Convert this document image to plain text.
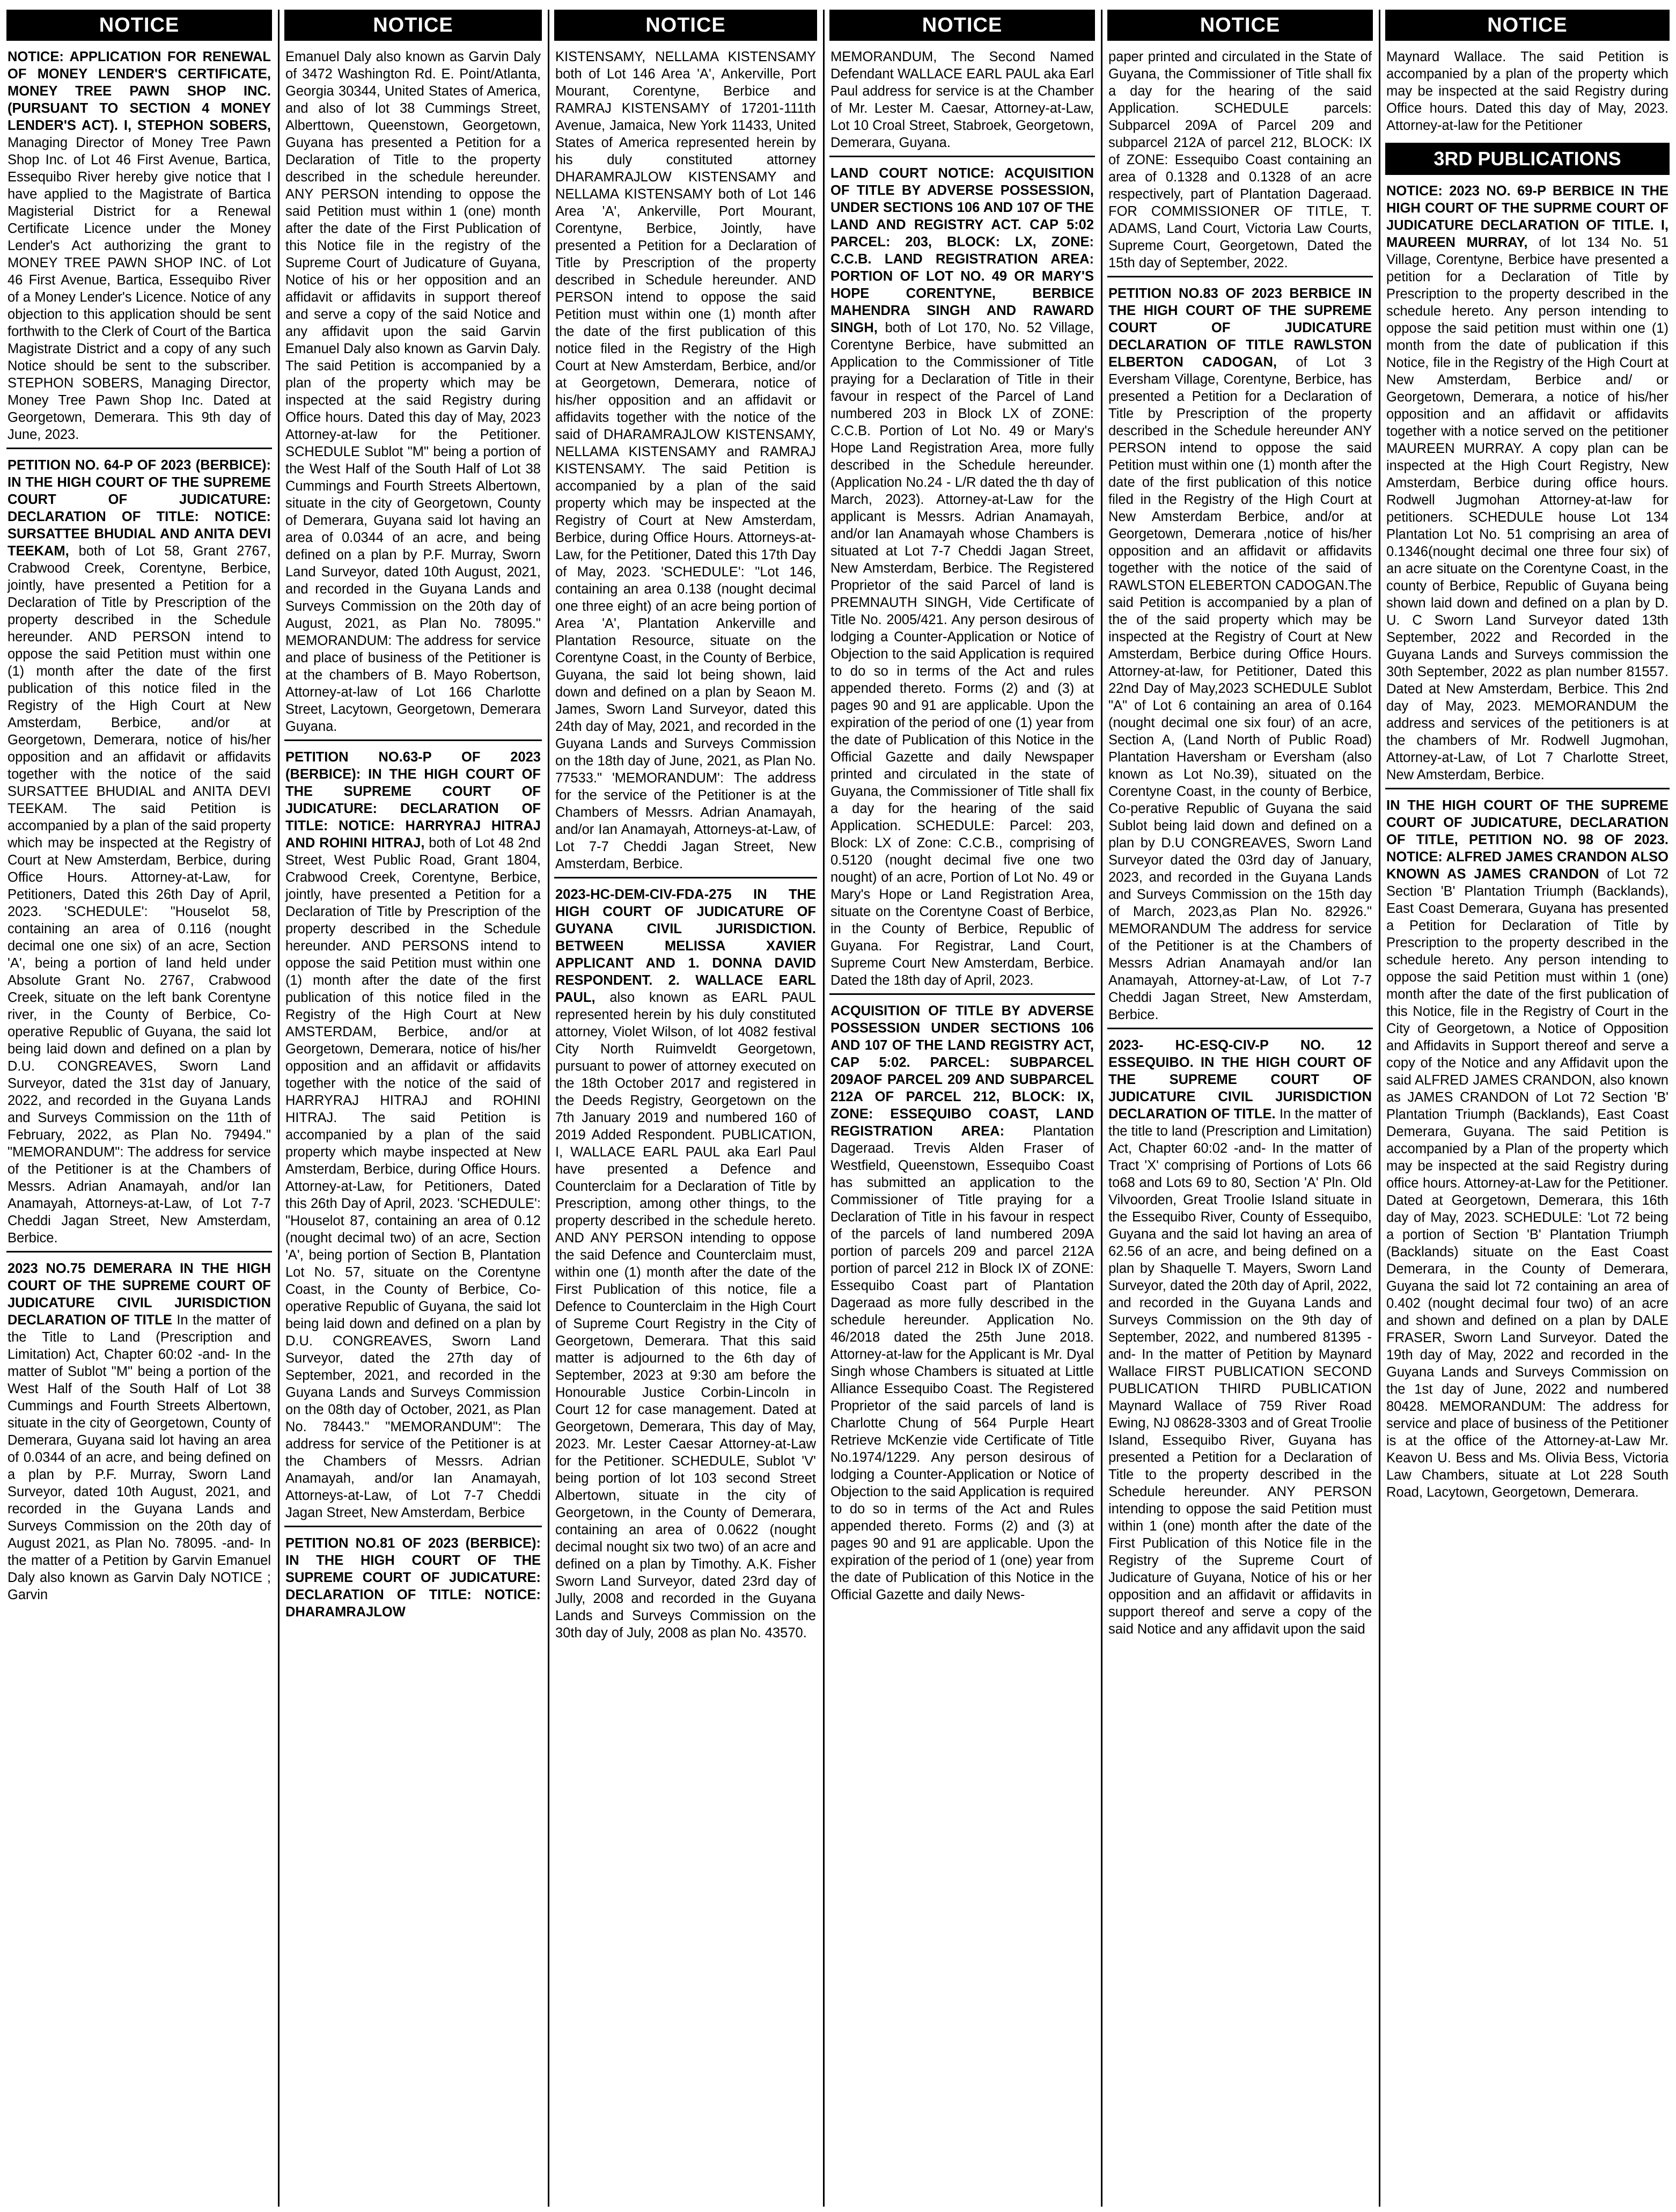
NOTICE

NOTICE: APPLICATION FOR RENEWAL OF MONEY LENDER'S CERTIFICATE, MONEY TREE PAWN SHOP INC. (PURSUANT TO SECTION 4 MONEY LENDER'S ACT). I, STEPHON SOBERS, Managing Director of Money Tree Pawn Shop Inc. of Lot 46 First Avenue, Bartica, Essequibo River hereby give notice that I have applied to the Magistrate of Bartica Magisterial District for a Renewal Certificate Licence under the Money Lender's Act authorizing the grant to MONEY TREE PAWN SHOP INC. of Lot 46 First Avenue, Bartica, Essequibo River of a Money Lender's Licence. Notice of any objection to this application should be sent forthwith to the Clerk of Court of the Bartica Magistrate District and a copy of any such Notice should be sent to the subscriber. STEPHON SOBERS, Managing Director, Money Tree Pawn Shop Inc. Dated at Georgetown, Demerara. This 9th day of June, 2023.

PETITION NO. 64-P OF 2023 (BERBICE): IN THE HIGH COURT OF THE SUPREME COURT OF JUDICATURE: DECLARATION OF TITLE: NOTICE: SURSATTEE BHUDIAL AND ANITA DEVI TEEKAM, both of Lot 58, Grant 2767, Crabwood Creek, Corentyne, Berbice, jointly, have presented a Petition for a Declaration of Title by Prescription of the property described in the Schedule hereunder. AND PERSON intend to oppose the said Petition must within one (1) month after the date of the first publication of this notice filed in the Registry of the High Court at New Amsterdam, Berbice, and/or at Georgetown, Demerara, notice of his/her opposition and an affidavit or affidavits together with the notice of the said SURSATTEE BHUDIAL and ANITA DEVI TEEKAM. The said Petition is accompanied by a plan of the said property which may be inspected at the Registry of Court at New Amsterdam, Berbice, during Office Hours. Attorney-at-Law, for Petitioners, Dated this 26th Day of April, 2023. 'SCHEDULE': "Houselot 58, containing an area of 0.116 (nought decimal one one six) of an acre, Section 'A', being a portion of land held under Absolute Grant No. 2767, Crabwood Creek, situate on the left bank Corentyne river, in the County of Berbice, Co-operative Republic of Guyana, the said lot being laid down and defined on a plan by D.U. CONGREAVES, Sworn Land Surveyor, dated the 31st day of January, 2022, and recorded in the Guyana Lands and Surveys Commission on the 11th of February, 2022, as Plan No. 79494." "MEMORANDUM": The address for service of the Petitioner is at the Chambers of Messrs. Adrian Anamayah, and/or Ian Anamayah, Attorneys-at-Law, of Lot 7-7 Cheddi Jagan Street, New Amsterdam, Berbice.

2023 NO.75 DEMERARA IN THE HIGH COURT OF THE SUPREME COURT OF JUDICATURE CIVIL JURISDICTION DECLARATION OF TITLE In the matter of the Title to Land (Prescription and Limitation) Act, Chapter 60:02 -and- In the matter of Sublot "M" being a portion of the West Half of the South Half of Lot 38 Cummings and Fourth Streets Albertown, situate in the city of Georgetown, County of Demerara, Guyana said lot having an area of 0.0344 of an acre, and being defined on a plan by P.F. Murray, Sworn Land Surveyor, dated 10th August, 2021, and recorded in the Guyana Lands and Surveys Commission on the 20th day of August 2021, as Plan No. 78095. -and- In the matter of a Petition by Garvin Emanuel Daly also known as Garvin Daly NOTICE ; Garvin

NOTICE

Emanuel Daly also known as Garvin Daly of 3472 Washington Rd. E. Point/Atlanta, Georgia 30344, United States of America, and also of lot 38 Cummings Street, Alberttown, Queenstown, Georgetown, Guyana has presented a Petition for a Declaration of Title to the property described in the schedule hereunder. ANY PERSON intending to oppose the said Petition must within 1 (one) month after the date of the First Publication of this Notice file in the registry of the Supreme Court of Judicature of Guyana, Notice of his or her opposition and an affidavit or affidavits in support thereof and serve a copy of the said Notice and any affidavit upon the said Garvin Emanuel Daly also known as Garvin Daly. The said Petition is accompanied by a plan of the property which may be inspected at the said Registry during Office hours. Dated this day of May, 2023 Attorney-at-law for the Petitioner. SCHEDULE Sublot "M" being a portion of the West Half of the South Half of Lot 38 Cummings and Fourth Streets Albertown, situate in the city of Georgetown, County of Demerara, Guyana said lot having an area of 0.0344 of an acre, and being defined on a plan by P.F. Murray, Sworn Land Surveyor, dated 10th August, 2021, and recorded in the Guyana Lands and Surveys Commission on the 20th day of August, 2021, as Plan No. 78095." MEMORANDUM: The address for service and place of business of the Petitioner is at the chambers of B. Mayo Robertson, Attorney-at-law of Lot 166 Charlotte Street, Lacytown, Georgetown, Demerara Guyana.

PETITION NO.63-P OF 2023 (BERBICE): IN THE HIGH COURT OF THE SUPREME COURT OF JUDICATURE: DECLARATION OF TITLE: NOTICE: HARRYRAJ HITRAJ AND ROHINI HITRAJ, both of Lot 48 2nd Street, West Public Road, Grant 1804, Crabwood Creek, Corentyne, Berbice, jointly, have presented a Petition for a Declaration of Title by Prescription of the property described in the Schedule hereunder. AND PERSONS intend to oppose the said Petition must within one (1) month after the date of the first publication of this notice filed in the Registry of the High Court at New AMSTERDAM, Berbice, and/or at Georgetown, Demerara, notice of his/her opposition and an affidavit or affidavits together with the notice of the said of HARRYRAJ HITRAJ and ROHINI HITRAJ. The said Petition is accompanied by a plan of the said property which maybe inspected at New Amsterdam, Berbice, during Office Hours. Attorney-at-Law, for Petitioners, Dated this 26th Day of April, 2023. 'SCHEDULE': "Houselot 87, containing an area of 0.12 (nought decimal two) of an acre, Section 'A', being portion of Section B, Plantation Lot No. 57, situate on the Corentyne Coast, in the County of Berbice, Co-operative Republic of Guyana, the said lot being laid down and defined on a plan by D.U. CONGREAVES, Sworn Land Surveyor, dated the 27th day of September, 2021, and recorded in the Guyana Lands and Surveys Commission on the 08th day of October, 2021, as Plan No. 78443." "MEMORANDUM": The address for service of the Petitioner is at the Chambers of Messrs. Adrian Anamayah, and/or Ian Anamayah, Attorneys-at-Law, of Lot 7-7 Cheddi Jagan Street, New Amsterdam, Berbice

PETITION NO.81 OF 2023 (BERBICE): IN THE HIGH COURT OF THE SUPREME COURT OF JUDICATURE: DECLARATION OF TITLE: NOTICE: DHARAMRAJLOW

NOTICE

KISTENSAMY, NELLAMA KISTENSAMY both of Lot 146 Area 'A', Ankerville, Port Mourant, Corentyne, Berbice and RAMRAJ KISTENSAMY of 17201-111th Avenue, Jamaica, New York 11433, United States of America represented herein by his duly constituted attorney DHARAMRAJLOW KISTENSAMY and NELLAMA KISTENSAMY both of Lot 146 Area 'A', Ankerville, Port Mourant, Corentyne, Berbice, Jointly, have presented a Petition for a Declaration of Title by Prescription of the property described in Schedule hereunder. AND PERSON intend to oppose the said Petition must within one (1) month after the date of the first publication of this notice filed in the Registry of the High Court at New Amsterdam, Berbice, and/or at Georgetown, Demerara, notice of his/her opposition and an affidavit or affidavits together with the notice of the said of DHARAMRAJLOW KISTENSAMY, NELLAMA KISTENSAMY and RAMRAJ KISTENSAMY. The said Petition is accompanied by a plan of the said property which may be inspected at the Registry of Court at New Amsterdam, Berbice, during Office Hours. Attorneys-at-Law, for the Petitioner, Dated this 17th Day of May, 2023. 'SCHEDULE': "Lot 146, containing an area 0.138 (nought decimal one three eight) of an acre being portion of Area 'A', Plantation Ankerville and Plantation Resource, situate on the Corentyne Coast, in the County of Berbice, Guyana, the said lot being shown, laid down and defined on a plan by Seaon M. James, Sworn Land Surveyor, dated this 24th day of May, 2021, and recorded in the Guyana Lands and Surveys Commission on the 18th day of June, 2021, as Plan No. 77533." 'MEMORANDUM': The address for the service of the Petitioner is at the Chambers of Messrs. Adrian Anamayah, and/or Ian Anamayah, Attorneys-at-Law, of Lot 7-7 Cheddi Jagan Street, New Amsterdam, Berbice.

2023-HC-DEM-CIV-FDA-275 IN THE HIGH COURT OF JUDICATURE OF GUYANA CIVIL JURISDICTION. BETWEEN MELISSA XAVIER APPLICANT AND 1. DONNA DAVID RESPONDENT. 2. WALLACE EARL PAUL, also known as EARL PAUL represented herein by his duly constituted attorney, Violet Wilson, of lot 4082 festival City North Ruimveldt Georgetown, pursuant to power of attorney executed on the 18th October 2017 and registered in the Deeds Registry, Georgetown on the 7th January 2019 and numbered 160 of 2019 Added Respondent. PUBLICATION, I, WALLACE EARL PAUL aka Earl Paul have presented a Defence and Counterclaim for a Declaration of Title by Prescription, among other things, to the property described in the schedule hereto. AND ANY PERSON intending to oppose the said Defence and Counterclaim must, within one (1) month after the date of the First Publication of this notice, file a Defence to Counterclaim in the High Court of Supreme Court Registry in the City of Georgetown, Demerara. That this said matter is adjourned to the 6th day of September, 2023 at 9:30 am before the Honourable Justice Corbin-Lincoln in Court 12 for case management. Dated at Georgetown, Demerara, This day of May, 2023. Mr. Lester Caesar Attorney-at-Law for the Petitioner. SCHEDULE, Sublot 'V' being portion of lot 103 second Street Albertown, situate in the city of Georgetown, in the County of Demerara, containing an area of 0.0622 (nought decimal nought six two two) of an acre and defined on a plan by Timothy. A.K. Fisher Sworn Land Surveyor, dated 23rd day of Jully, 2008 and recorded in the Guyana Lands and Surveys Commission on the 30th day of July, 2008 as plan No. 43570.

NOTICE

MEMORANDUM, The Second Named Defendant WALLACE EARL PAUL aka Earl Paul address for service is at the Chamber of Mr. Lester M. Caesar, Attorney-at-Law, Lot 10 Croal Street, Stabroek, Georgetown, Demerara, Guyana.

LAND COURT NOTICE: ACQUISITION OF TITLE BY ADVERSE POSSESSION, UNDER SECTIONS 106 AND 107 OF THE LAND AND REGISTRY ACT. CAP 5:02 PARCEL: 203, BLOCK: LX, ZONE: C.C.B. LAND REGISTRATION AREA: PORTION OF LOT NO. 49 OR MARY'S HOPE CORENTYNE, BERBICE MAHENDRA SINGH AND RAWARD SINGH, both of Lot 170, No. 52 Village, Corentyne Berbice, have submitted an Application to the Commissioner of Title praying for a Declaration of Title in their favour in respect of the Parcel of Land numbered 203 in Block LX of ZONE: C.C.B. Portion of Lot No. 49 or Mary's Hope Land Registration Area, more fully described in the Schedule hereunder. (Application No.24 - L/R dated the th day of March, 2023). Attorney-at-Law for the applicant is Messrs. Adrian Anamayah, and/or Ian Anamayah whose Chambers is situated at Lot 7-7 Cheddi Jagan Street, New Amsterdam, Berbice. The Registered Proprietor of the said Parcel of land is PREMNAUTH SINGH, Vide Certificate of Title No. 2005/421. Any person desirous of lodging a Counter-Application or Notice of Objection to the said Application is required to do so in terms of the Act and rules appended thereto. Forms (2) and (3) at pages 90 and 91 are applicable. Upon the expiration of the period of one (1) year from the date of Publication of this Notice in the Official Gazette and daily Newspaper printed and circulated in the state of Guyana, the Commissioner of Title shall fix a day for the hearing of the said Application. SCHEDULE: Parcel: 203, Block: LX of Zone: C.C.B., comprising of 0.5120 (nought decimal five one two nought) of an acre, Portion of Lot No. 49 or Mary's Hope or Land Registration Area, situate on the Corentyne Coast of Berbice, in the County of Berbice, Republic of Guyana. For Registrar, Land Court, Supreme Court New Amsterdam, Berbice. Dated the 18th day of April, 2023.

ACQUISITION OF TITLE BY ADVERSE POSSESSION UNDER SECTIONS 106 AND 107 OF THE LAND REGISTRY ACT, CAP 5:02. PARCEL: SUBPARCEL 209AOF PARCEL 209 AND SUBPARCEL 212A OF PARCEL 212, BLOCK: IX, ZONE: ESSEQUIBO COAST, LAND REGISTRATION AREA: Plantation Dageraad. Trevis Alden Fraser of Westfield, Queenstown, Essequibo Coast has submitted an application to the Commissioner of Title praying for a Declaration of Title in his favour in respect of the parcels of land numbered 209A portion of parcels 209 and parcel 212A portion of parcel 212 in Block IX of ZONE: Essequibo Coast part of Plantation Dageraad as more fully described in the schedule hereunder. Application No. 46/2018 dated the 25th June 2018. Attorney-at-law for the Applicant is Mr. Dyal Singh whose Chambers is situated at Little Alliance Essequibo Coast. The Registered Proprietor of the said parcels of land is Charlotte Chung of 564 Purple Heart Retrieve McKenzie vide Certificate of Title No.1974/1229. Any person desirous of lodging a Counter-Application or Notice of Objection to the said Application is required to do so in terms of the Act and Rules appended thereto. Forms (2) and (3) at pages 90 and 91 are applicable. Upon the expiration of the period of 1 (one) year from the date of Publication of this Notice in the Official Gazette and daily News-

NOTICE

paper printed and circulated in the State of Guyana, the Commissioner of Title shall fix a day for the hearing of the said Application. SCHEDULE parcels: Subparcel 209A of Parcel 209 and subparcel 212A of parcel 212, BLOCK: IX of ZONE: Essequibo Coast containing an area of 0.1328 and 0.1328 of an acre respectively, part of Plantation Dageraad. FOR COMMISSIONER OF TITLE, T. ADAMS, Land Court, Victoria Law Courts, Supreme Court, Georgetown, Dated the 15th day of September, 2022.

PETITION NO.83 OF 2023 BERBICE IN THE HIGH COURT OF THE SUPREME COURT OF JUDICATURE DECLARATION OF TITLE RAWLSTON ELBERTON CADOGAN, of Lot 3 Eversham Village, Corentyne, Berbice, has presented a Petition for a Declaration of Title by Prescription of the property described in the Schedule hereunder ANY PERSON intend to oppose the said Petition must within one (1) month after the date of the first publication of this notice filed in the Registry of the High Court at New Amsterdam Berbice, and/or at Georgetown, Demerara ,notice of his/her opposition and an affidavit or affidavits together with the notice of the said of RAWLSTON ELEBERTON CADOGAN.The said Petition is accompanied by a plan of the of the said property which may be inspected at the Registry of Court at New Amsterdam, Berbice during Office Hours. Attorney-at-law, for Petitioner, Dated this 22nd Day of May,2023 SCHEDULE Sublot "A" of Lot 6 containing an area of 0.164 (nought decimal one six four) of an acre, Section A, (Land North of Public Road) Plantation Haversham or Eversham (also known as Lot No.39), situated on the Corentyne Coast, in the county of Berbice, Co-perative Republic of Guyana the said Sublot being laid down and defined on a plan by D.U CONGREAVES, Sworn Land Surveyor dated the 03rd day of January, 2023, and recorded in the Guyana Lands and Surveys Commission on the 15th day of March, 2023,as Plan No. 82926." MEMORANDUM The address for service of the Petitioner is at the Chambers of Messrs Adrian Anamayah and/or Ian Anamayah, Attorney-at-Law, of Lot 7-7 Cheddi Jagan Street, New Amsterdam, Berbice.

2023- HC-ESQ-CIV-P NO. 12 ESSEQUIBO. IN THE HIGH COURT OF THE SUPREME COURT OF JUDICATURE CIVIL JURISDICTION DECLARATION OF TITLE. In the matter of the title to land (Prescription and Limitation) Act, Chapter 60:02 -and- In the matter of Tract 'X' comprising of Portions of Lots 66 to68 and Lots 69 to 80, Section 'A' Pln. Old Vilvoorden, Great Troolie Island situate in the Essequibo River, County of Essequibo, Guyana and the said lot having an area of 62.56 of an acre, and being defined on a plan by Shaquelle T. Mayers, Sworn Land Surveyor, dated the 20th day of April, 2022, and recorded in the Guyana Lands and Surveys Commission on the 9th day of September, 2022, and numbered 81395 -and- In the matter of Petition by Maynard Wallace FIRST PUBLICATION SECOND PUBLICATION THIRD PUBLICATION Maynard Wallace of 759 River Road Ewing, NJ 08628-3303 and of Great Troolie Island, Essequibo River, Guyana has presented a Petition for a Declaration of Title to the property described in the Schedule hereunder. ANY PERSON intending to oppose the said Petition must within 1 (one) month after the date of the First Publication of this Notice file in the Registry of the Supreme Court of Judicature of Guyana, Notice of his or her opposition and an affidavit or affidavits in support thereof and serve a copy of the said Notice and any affidavit upon the said

NOTICE

Maynard Wallace. The said Petition is accompanied by a plan of the property which may be inspected at the said Registry during Office hours. Dated this day of May, 2023. Attorney-at-law for the Petitioner

3RD PUBLICATIONS

NOTICE: 2023 NO. 69-P BERBICE IN THE HIGH COURT OF THE SUPRME COURT OF JUDICATURE DECLARATION OF TITLE. I, MAUREEN MURRAY, of lot 134 No. 51 Village, Corentyne, Berbice have presented a petition for a Declaration of Title by Prescription to the property described in the schedule hereto. Any person intending to oppose the said petition must within one (1) month from the date of publication if this Notice, file in the Registry of the High Court at New Amsterdam, Berbice and/ or Georgetown, Demerara, a notice of his/her opposition and an affidavit or affidavits together with a notice served on the petitioner MAUREEN MURRAY. A copy plan can be inspected at the High Court Registry, New Amsterdam, Berbice during office hours. Rodwell Jugmohan Attorney-at-law for petitioners. SCHEDULE house Lot 134 Plantation Lot No. 51 comprising an area of 0.1346(nought decimal one three four six) of an acre situate on the Corentyne Coast, in the county of Berbice, Republic of Guyana being shown laid down and defined on a plan by D. U. C Sworn Land Surveyor dated 13th September, 2022 and Recorded in the Guyana Lands and Surveys commission the 30th September, 2022 as plan number 81557. Dated at New Amsterdam, Berbice. This 2nd day of May, 2023. MEMORANDUM the address and services of the petitioners is at the chambers of Mr. Rodwell Jugmohan, Attorney-at-Law, of Lot 7 Charlotte Street, New Amsterdam, Berbice.

IN THE HIGH COURT OF THE SUPREME COURT OF JUDICATURE, DECLARATION OF TITLE, PETITION NO. 98 OF 2023. NOTICE: ALFRED JAMES CRANDON ALSO KNOWN AS JAMES CRANDON of Lot 72 Section 'B' Plantation Triumph (Backlands), East Coast Demerara, Guyana has presented a Petition for Declaration of Title by Prescription to the property described in the schedule hereto. Any person intending to oppose the said Petition must within 1 (one) month after the date of the first publication of this Notice, file in the Registry of Court in the City of Georgetown, a Notice of Opposition and Affidavits in Support thereof and serve a copy of the Notice and any Affidavit upon the said ALFRED JAMES CRANDON, also known as JAMES CRANDON of Lot 72 Section 'B' Plantation Triumph (Backlands), East Coast Demerara, Guyana. The said Petition is accompanied by a Plan of the property which may be inspected at the said Registry during office hours. Attorney-at-Law for the Petitioner. Dated at Georgetown, Demerara, this 16th day of May, 2023. SCHEDULE: 'Lot 72 being a portion of Section 'B' Plantation Triumph (Backlands) situate on the East Coast Demerara, in the County of Demerara, Guyana the said lot 72 containing an area of 0.402 (nought decimal four two) of an acre and shown and defined on a plan by DALE FRASER, Sworn Land Surveyor. Dated the 19th day of May, 2022 and recorded in the Guyana Lands and Surveys Commission on the 1st day of June, 2022 and numbered 80428. MEMORANDUM: The address for service and place of business of the Petitioner is at the office of the Attorney-at-Law Mr. Keavon U. Bess and Ms. Olivia Bess, Victoria Law Chambers, situate at Lot 228 South Road, Lacytown, Georgetown, Demerara.
